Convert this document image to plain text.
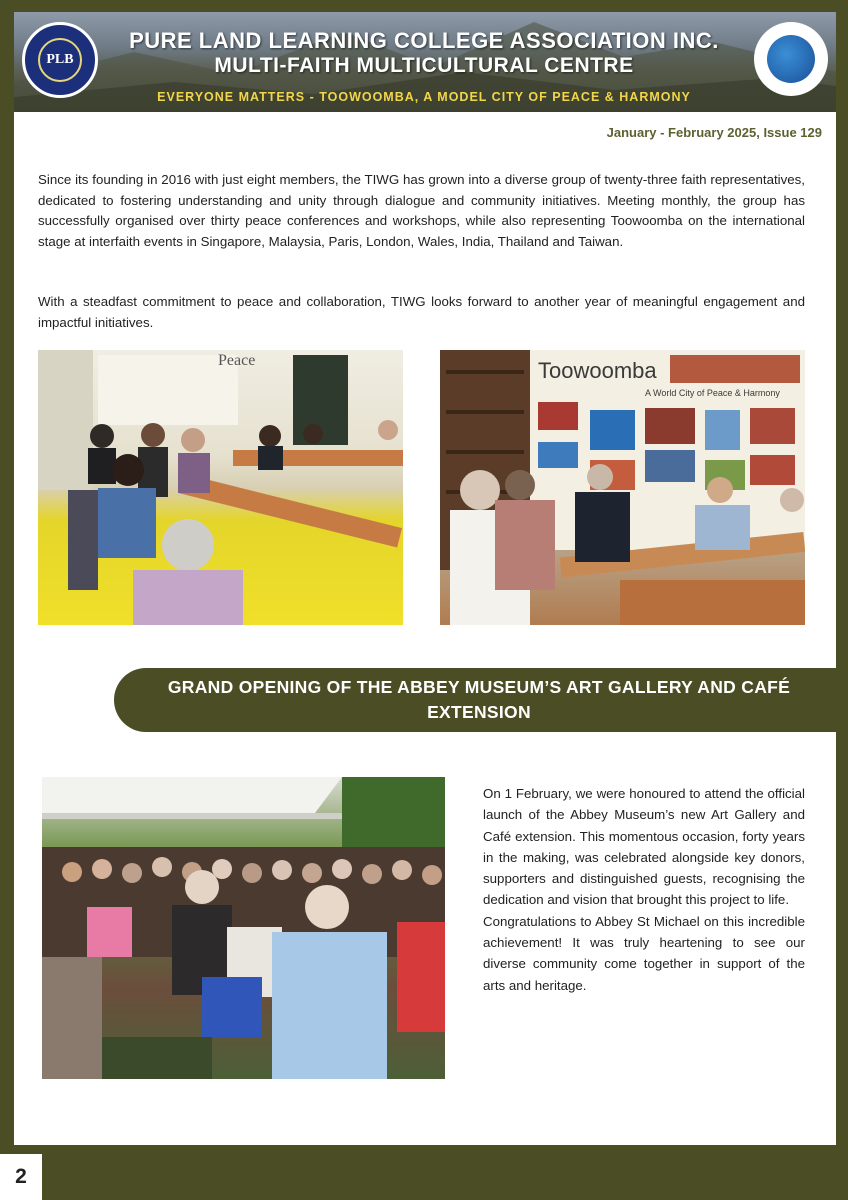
PLB
PURE LAND LEARNING COLLEGE ASSOCIATION INC.
MULTI-FAITH MULTICULTURAL CENTRE
EVERYONE MATTERS - TOOWOOMBA, A MODEL CITY OF PEACE & HARMONY
January - February 2025, Issue 129

Since its founding in 2016 with just eight members, the TIWG has grown into a diverse group of twenty-three faith representatives, dedicated to fostering understanding and unity through dialogue and community initiatives. Meeting monthly, the group has successfully organised over thirty peace conferences and workshops, while also representing Toowoomba on the international stage at interfaith events in Singapore, Malaysia, Paris, London, Wales, India, Thailand and Taiwan.

With a steadfast commitment to peace and collaboration, TIWG looks forward to another year of meaningful engagement and impactful initiatives.

Peace	Toowoomba
A World City of Peace & Harmony
GRAND OPENING OF THE ABBEY MUSEUM’S ART GALLERY AND CAFÉ EXTENSION

On 1 February, we were honoured to attend the official launch of the Abbey Museum’s new Art Gallery and Café extension. This momentous occasion, forty years in the making, was celebrated alongside key donors, supporters and distinguished guests, recognising the dedication and vision that brought this project to life.

Congratulations to Abbey St Michael on this incredible achievement! It was truly heartening to see our diverse community come together in support of the arts and heritage.

2
